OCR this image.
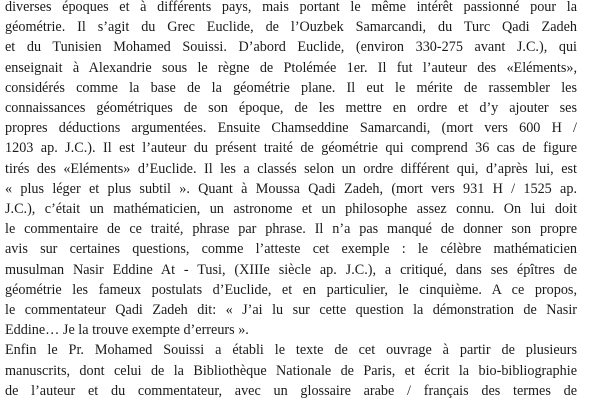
diverses époques et à différents pays, mais portant le même intérêt passionné pour la
géométrie. Il s’agit du Grec Euclide, de l’Ouzbek Samarcandi, du Turc Qadi Zadeh
et du Tunisien Mohamed Souissi. D’abord Euclide, (environ 330-275 avant J.C.), qui
enseignait à Alexandrie sous le règne de Ptolémée 1er. Il fut l’auteur des «Eléments»,
considérés comme la base de la géométrie plane. Il eut le mérite de rassembler les
connaissances géométriques de son époque, de les mettre en ordre et d’y ajouter ses
propres déductions argumentées. Ensuite Chamseddine Samarcandi, (mort vers 600 H /
1203 ap. J.C.). Il est l’auteur du présent traité de géométrie qui comprend 36 cas de figure
tirés des «Eléments» d’Euclide. Il les a classés selon un ordre différent qui, d’après lui, est
« plus léger et plus subtil ». Quant à Moussa Qadi Zadeh, (mort vers 931 H / 1525 ap.
J.C.), c’était un mathématicien, un astronome et un philosophe assez connu. On lui doit
le commentaire de ce traité, phrase par phrase. Il n’a pas manqué de donner son propre
avis sur certaines questions, comme l’atteste cet exemple : le célèbre mathématicien
musulman Nasir Eddine At - Tusi, (XIIIe siècle ap. J.C.), a critiqué, dans ses épîtres de
géométrie les fameux postulats d’Euclide, et en particulier, le cinquième. A ce propos,
le commentateur Qadi Zadeh dit: « J’ai lu sur cette question la démonstration de Nasir
Eddine… Je la trouve exempte d’erreurs ».
Enfin le Pr. Mohamed Souissi a établi le texte de cet ouvrage à partir de plusieurs
manuscrits, dont celui de la Bibliothèque Nationale de Paris, et écrit la bio-bibliographie
de l’auteur et du commentateur, avec un glossaire arabe / français des termes de
